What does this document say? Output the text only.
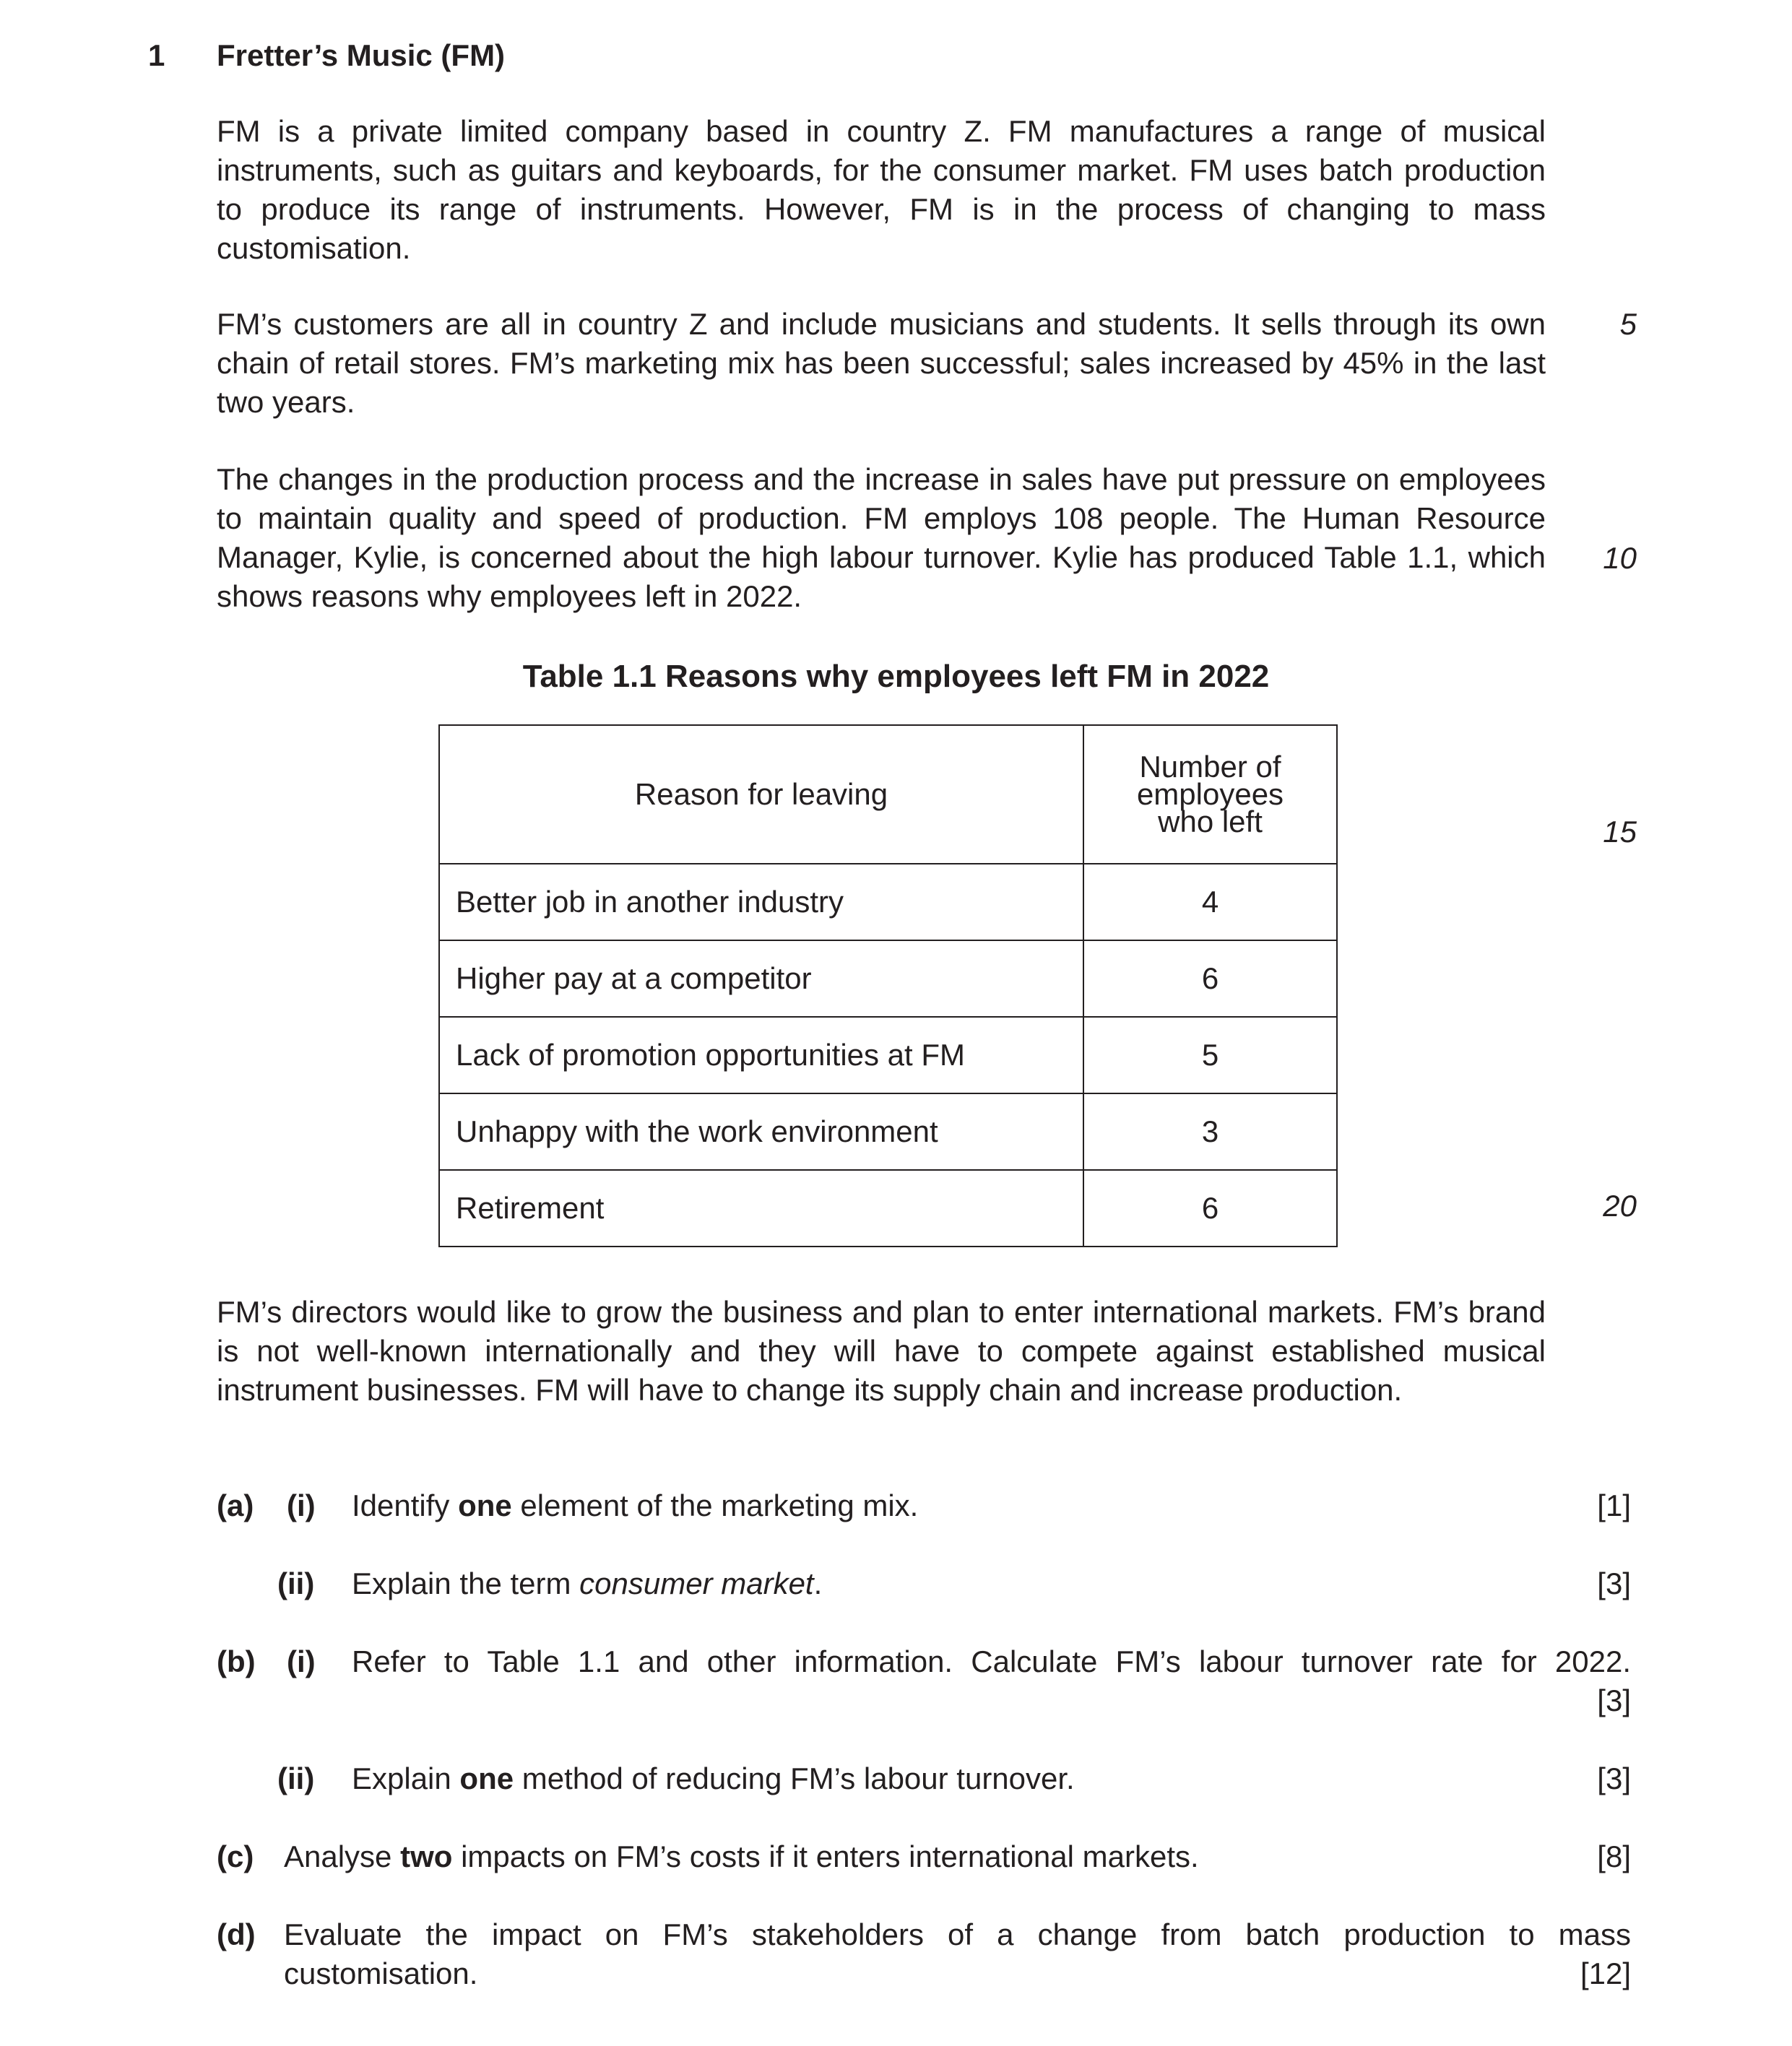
1 Fretter’s Music (FM)

FM is a private limited company based in country Z. FM manufactures a range of musical instruments, such as guitars and keyboards, for the consumer market. FM uses batch production to produce its range of instruments. However, FM is in the process of changing to mass customisation.

FM’s customers are all in country Z and include musicians and students. It sells through its own chain of retail stores. FM’s marketing mix has been successful; sales increased by 45% in the last two years.

The changes in the production process and the increase in sales have put pressure on employees to maintain quality and speed of production. FM employs 108 people. The Human Resource Manager, Kylie, is concerned about the high labour turnover. Kylie has produced Table 1.1, which shows reasons why employees left in 2022.

5
10
15
20
Table 1.1 Reasons why employees left FM in 2022
Reason for leaving	Number of
employees
who left

Better job in another industry	4
Higher pay at a competitor	6
Lack of promotion opportunities at FM	5
Unhappy with the work environment	3
Retirement	6

FM’s directors would like to grow the business and plan to enter international markets. FM’s brand is not well-known internationally and they will have to compete against established musical instrument businesses. FM will have to change its supply chain and increase production.

(a) (i) Identify one element of the marketing mix.	[1]
(ii) Explain the term consumer market.	[3]
(b) (i) Refer to Table 1.1 and other information. Calculate FM’s labour turnover rate for 2022.
[3]
(ii) Explain one method of reducing FM’s labour turnover.	[3]
(c) Analyse two impacts on FM’s costs if it enters international markets.	[8]
(d) Evaluate the impact on FM’s stakeholders of a change from batch production to mass
customisation.	[12]
